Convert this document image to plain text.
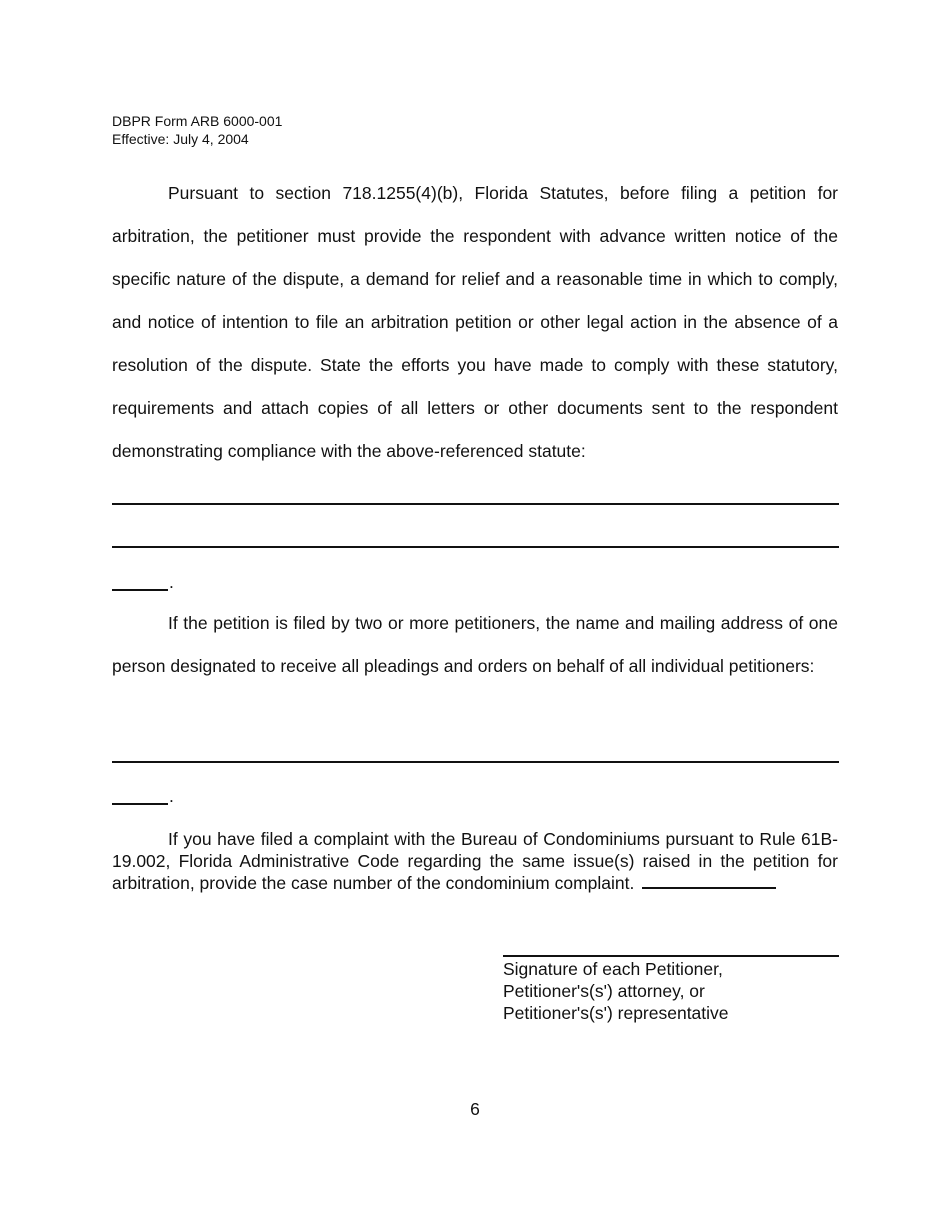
DBPR Form ARB 6000-001
Effective: July 4, 2004

Pursuant to section 718.1255(4)(b), Florida Statutes, before filing a petition for arbitration, the petitioner must provide the respondent with advance written notice of the specific nature of the dispute, a demand for relief and a reasonable time in which to comply, and notice of intention to file an arbitration petition or other legal action in the absence of a resolution of the dispute. State the efforts you have made to comply with these statutory, requirements and attach copies of all letters or other documents sent to the respondent demonstrating compliance with the above-referenced statute:

.

If the petition is filed by two or more petitioners, the name and mailing address of one person designated to receive all pleadings and orders on behalf of all individual petitioners:

.

If you have filed a complaint with the Bureau of Condominiums pursuant to Rule 61B-19.002, Florida Administrative Code regarding the same issue(s) raised in the petition for arbitration, provide the case number of the condominium complaint.

Signature of each Petitioner,
Petitioner's(s') attorney, or
Petitioner's(s') representative
6
